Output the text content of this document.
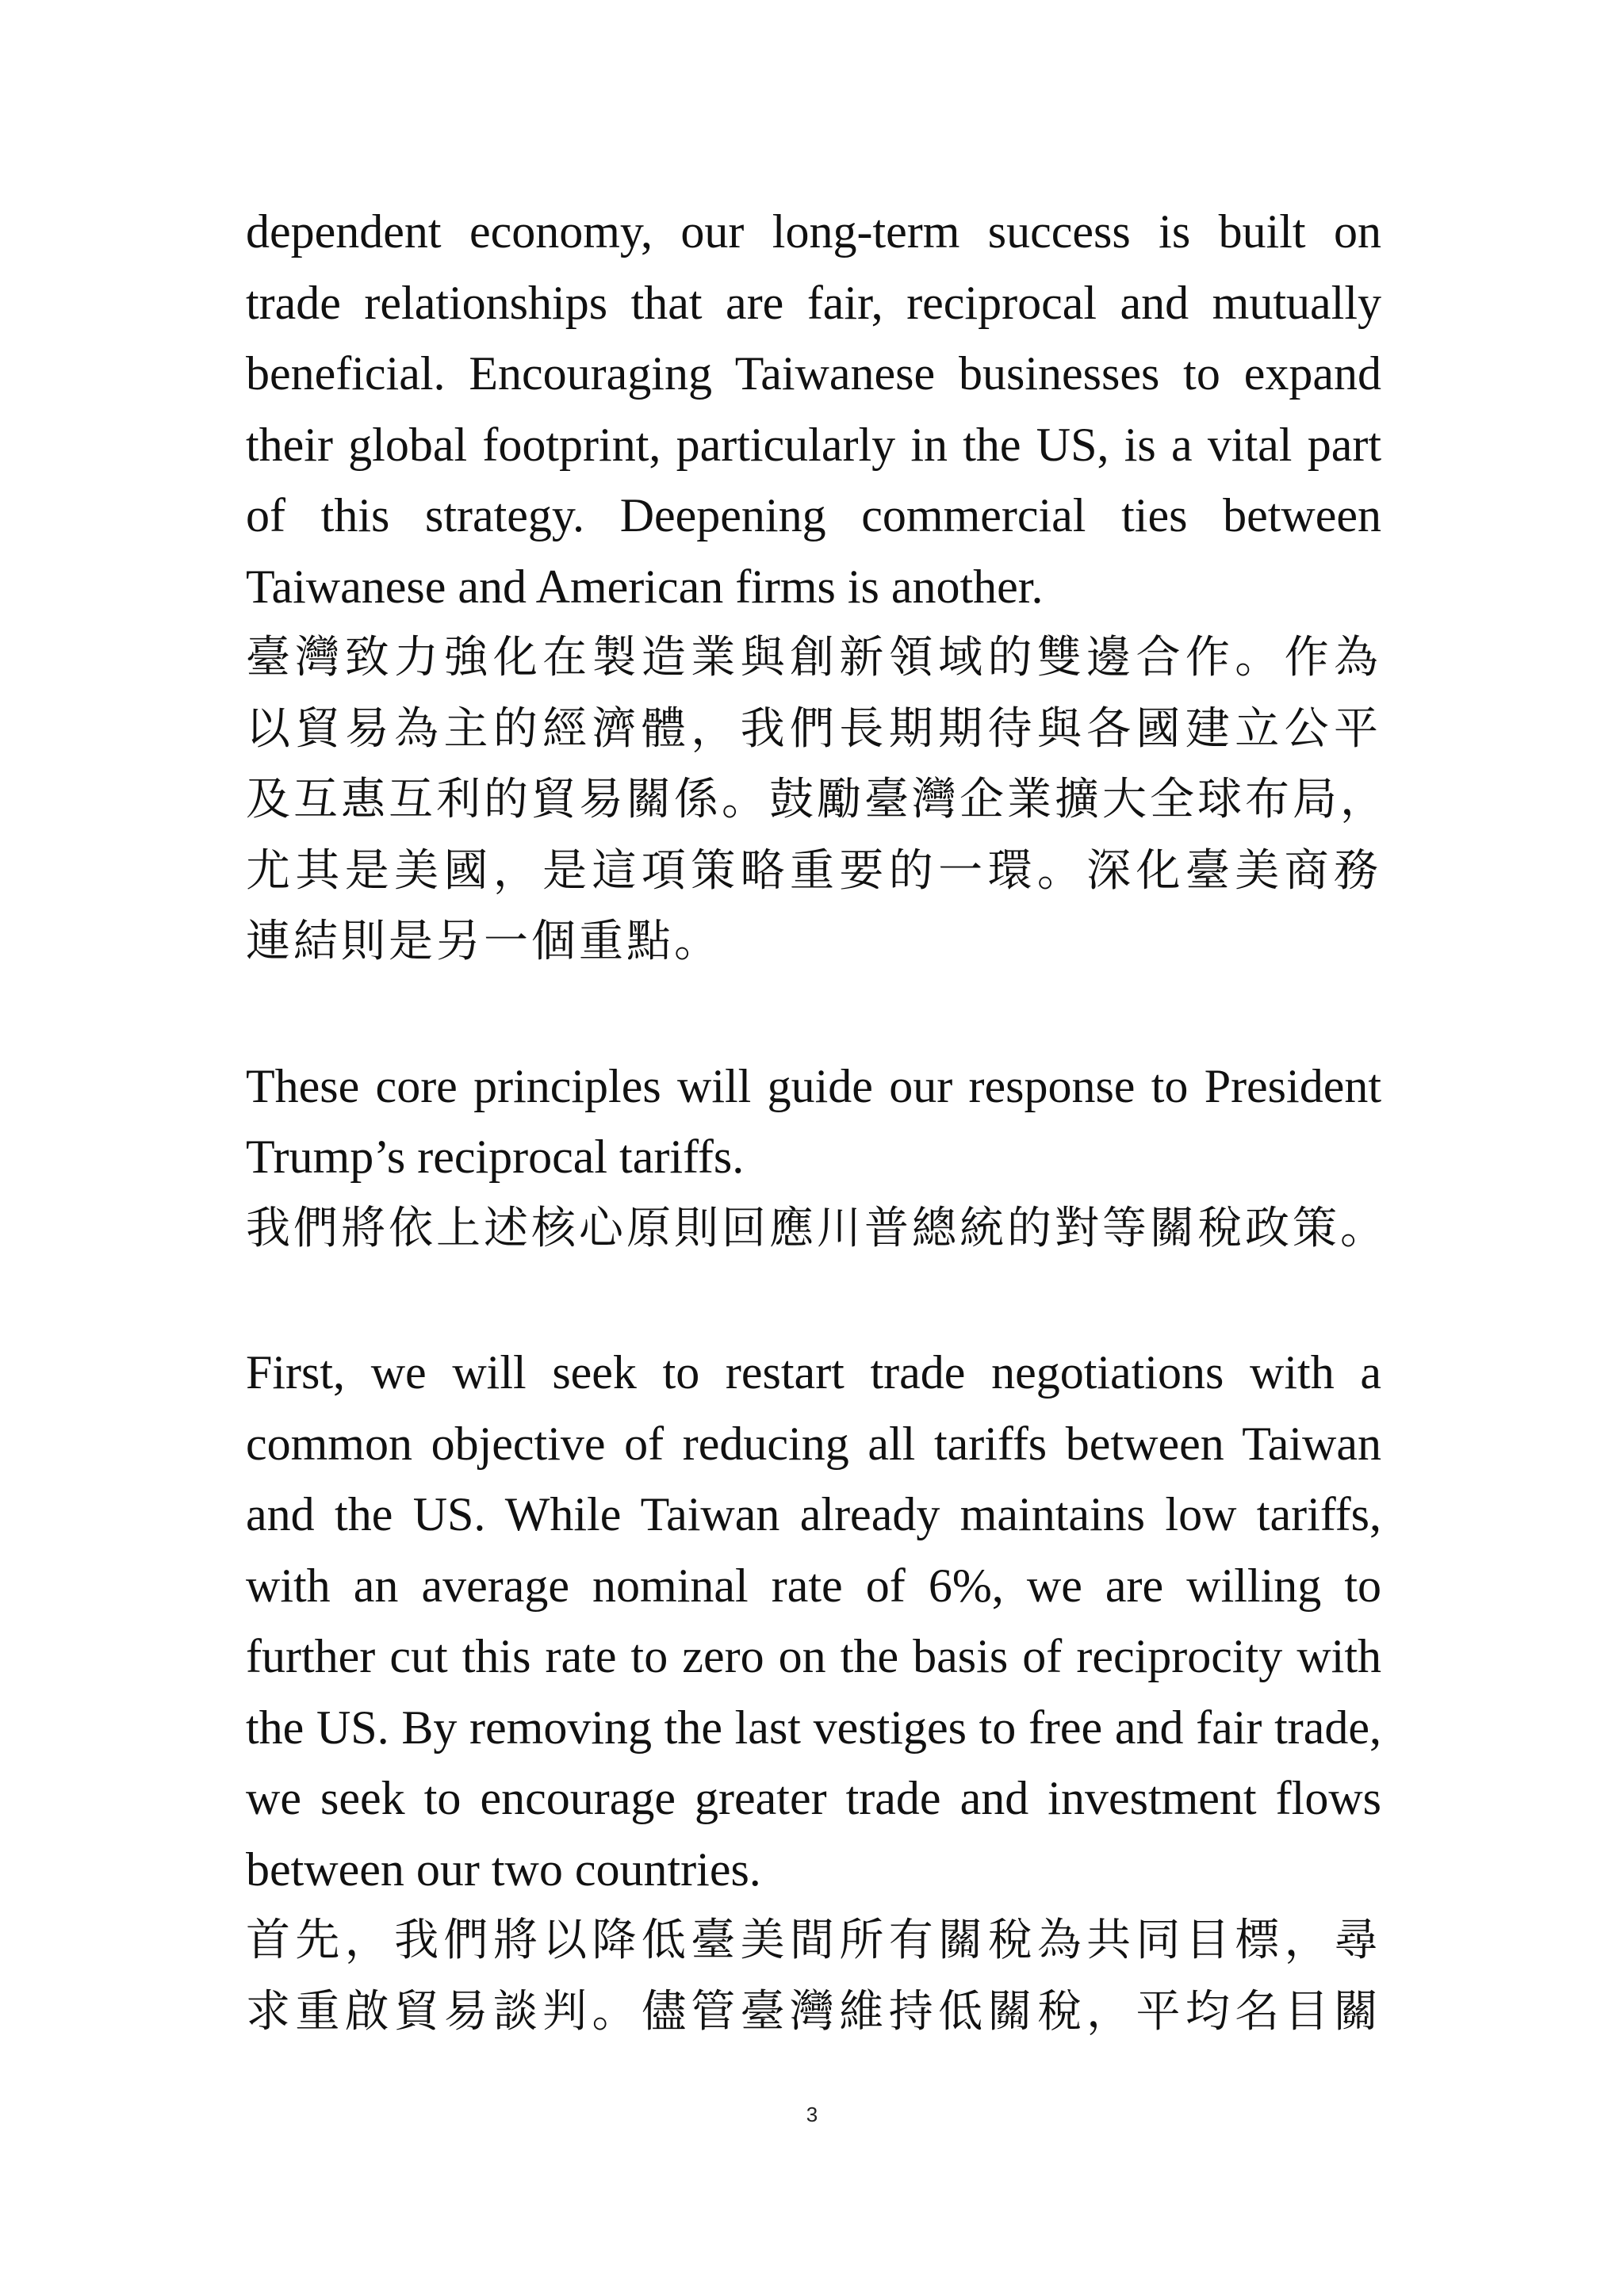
dependent economy, our long-term success is built on
trade relationships that are fair, reciprocal and mutually
beneficial. Encouraging Taiwanese businesses to expand
their global footprint, particularly in the US, is a vital part
of this strategy. Deepening commercial ties between
Taiwanese and American firms is another.

臺灣致力強化在製造業與創新領域的雙邊合作。作為
以貿易為主的經濟體，我們長期期待與各國建立公平
及互惠互利的貿易關係。鼓勵臺灣企業擴大全球布局，
尤其是美國，是這項策略重要的一環。深化臺美商務
連結則是另一個重點。

These core principles will guide our response to President
Trump’s reciprocal tariffs.

我們將依上述核心原則回應川普總統的對等關稅政策。

First, we will seek to restart trade negotiations with a
common objective of reducing all tariffs between Taiwan
and the US. While Taiwan already maintains low tariffs,
with an average nominal rate of 6%, we are willing to
further cut this rate to zero on the basis of reciprocity with
the US. By removing the last vestiges to free and fair trade,
we seek to encourage greater trade and investment flows
between our two countries.

首先，我們將以降低臺美間所有關稅為共同目標，尋
求重啟貿易談判。儘管臺灣維持低關稅，平均名目關

3
